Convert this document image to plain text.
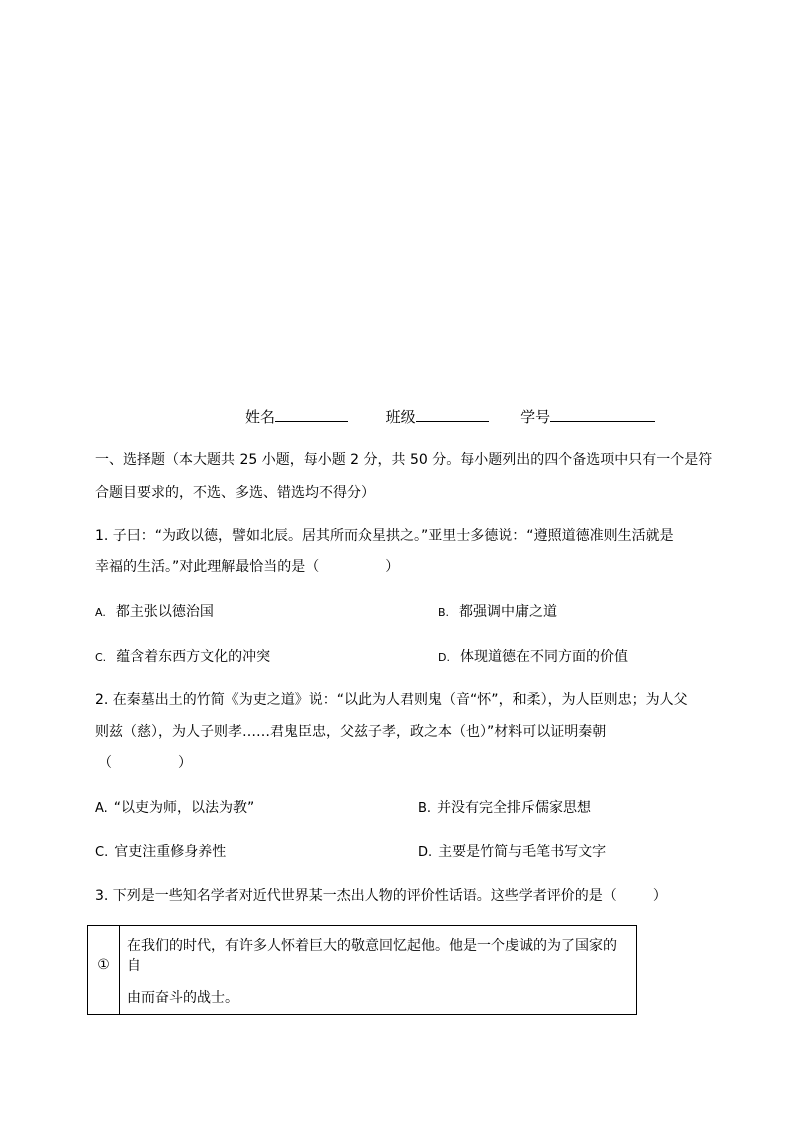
姓名	班级	学号
一、选择题（本大题共 25 小题，每小题 2 分，共 50 分。每小题列出的四个备选项中只有一个是符
合题目要求的，不选、多选、错选均不得分）
1. 子曰：“为政以德，譬如北辰。居其所而众星拱之。”亚里士多德说：“遵照道德准则生活就是
幸福的生活。”对此理解最恰当的是（	）
A. 都主张以德治国	B. 都强调中庸之道
C. 蕴含着东西方文化的冲突	D. 体现道德在不同方面的价值
2. 在秦墓出土的竹简《为吏之道》说：“以此为人君则鬼（音“怀”，和柔），为人臣则忠；为人父
则兹（慈），为人子则孝……君鬼臣忠，父兹子孝，政之本（也）”材料可以证明秦朝
（	）
A. “以吏为师，以法为教”	B. 并没有完全排斥儒家思想
C. 官吏注重修身养性	D. 主要是竹简与毛笔书写文字
3. 下列是一些知名学者对近代世界某一杰出人物的评价性话语。这些学者评价的是（	）
①	
在我们的时代，有许多人怀着巨大的敬意回忆起他。他是一个虔诚的为了国家的自
由而奋斗的战士。
